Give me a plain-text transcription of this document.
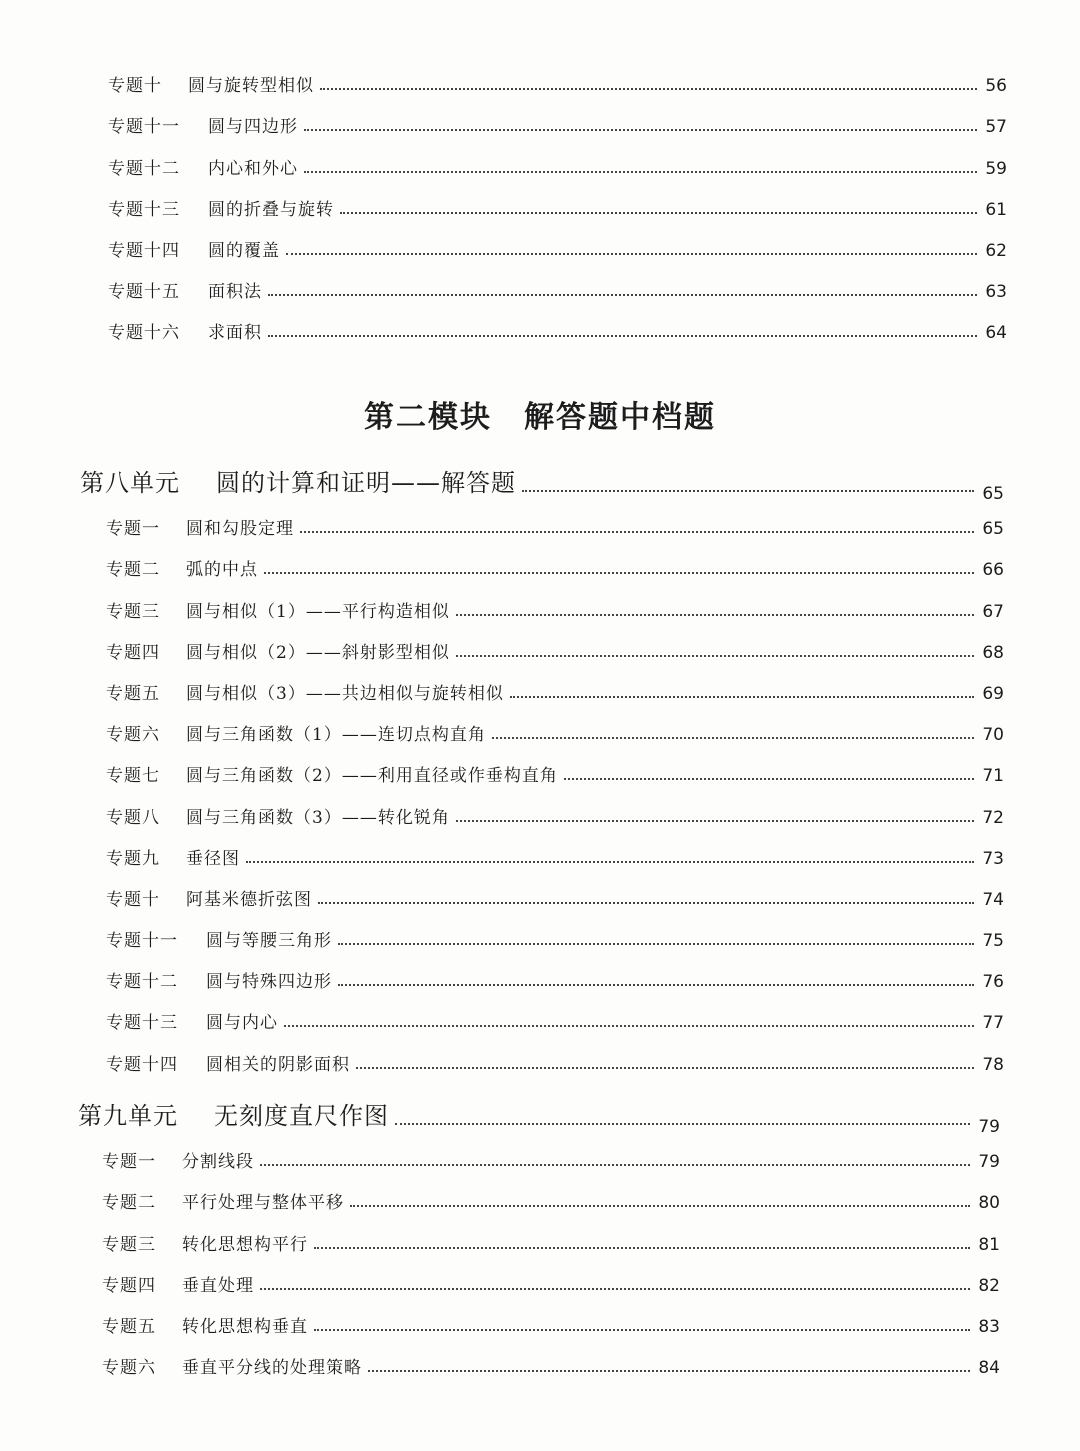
专题十	圆与旋转型相似	56
专题十一	圆与四边形	57
专题十二	内心和外心	59
专题十三	圆的折叠与旋转	61
专题十四	圆的覆盖	62
专题十五	面积法	63
专题十六	求面积	64
第二模块　解答题中档题
第八单元	圆的计算和证明——解答题	65
专题一	圆和勾股定理	65
专题二	弧的中点	66
专题三	圆与相似（1）——平行构造相似	67
专题四	圆与相似（2）——斜射影型相似	68
专题五	圆与相似（3）——共边相似与旋转相似	69
专题六	圆与三角函数（1）——连切点构直角	70
专题七	圆与三角函数（2）——利用直径或作垂构直角	71
专题八	圆与三角函数（3）——转化锐角	72
专题九	垂径图	73
专题十	阿基米德折弦图	74
专题十一	圆与等腰三角形	75
专题十二	圆与特殊四边形	76
专题十三	圆与内心	77
专题十四	圆相关的阴影面积	78
第九单元	无刻度直尺作图	79
专题一	分割线段	79
专题二	平行处理与整体平移	80
专题三	转化思想构平行	81
专题四	垂直处理	82
专题五	转化思想构垂直	83
专题六	垂直平分线的处理策略	84
